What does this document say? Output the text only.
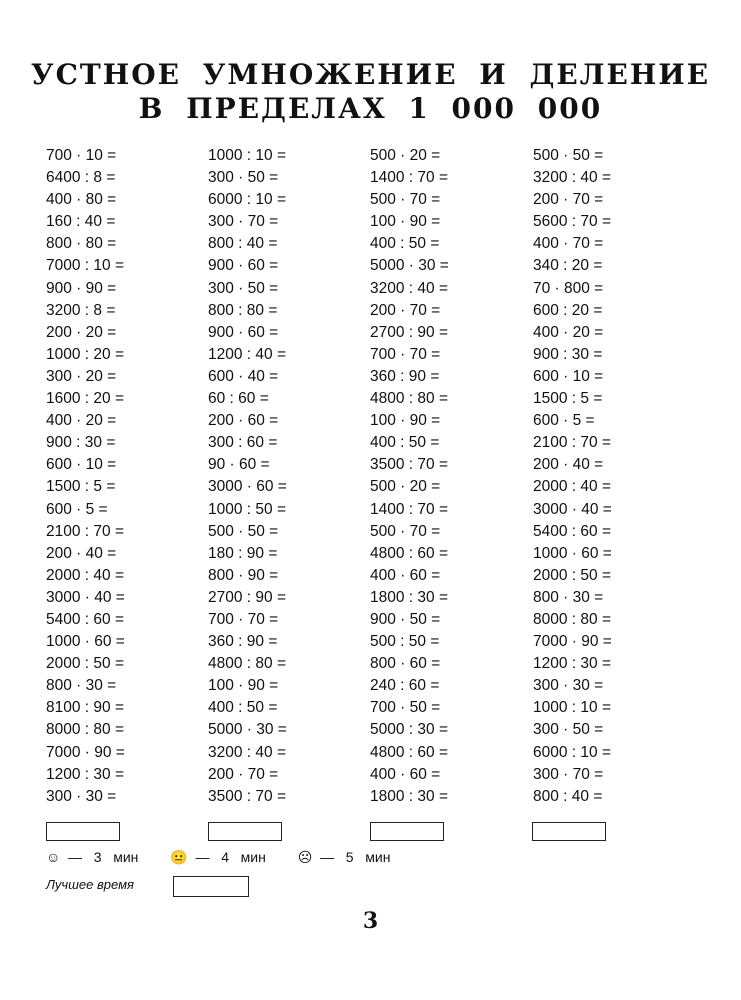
УСТНОЕ УМНОЖЕНИЕ И ДЕЛЕНИЕ
В ПРЕДЕЛАХ 1 000 000
700 · 10 =
6400 : 8 =
400 · 80 =
160 : 40 =
800 · 80 =
7000 : 10 =
900 · 90 =
3200 : 8 =
200 · 20 =
1000 : 20 =
300 · 20 =
1600 : 20 =
400 · 20 =
900 : 30 =
600 · 10 =
1500 : 5 =
600 · 5 =
2100 : 70 =
200 · 40 =
2000 : 40 =
3000 · 40 =
5400 : 60 =
1000 · 60 =
2000 : 50 =
800 · 30 =
8100 : 90 =
8000 : 80 =
7000 · 90 =
1200 : 30 =
300 · 30 =
1000 : 10 =
300 · 50 =
6000 : 10 =
300 · 70 =
800 : 40 =
900 · 60 =
300 · 50 =
800 : 80 =
900 · 60 =
1200 : 40 =
600 · 40 =
60 : 60 =
200 · 60 =
300 : 60 =
90 · 60 =
3000 · 60 =
1000 : 50 =
500 · 50 =
180 : 90 =
800 · 90 =
2700 : 90 =
700 · 70 =
360 : 90 =
4800 : 80 =
100 · 90 =
400 : 50 =
5000 · 30 =
3200 : 40 =
200 · 70 =
3500 : 70 =
500 · 20 =
1400 : 70 =
500 · 70 =
100 · 90 =
400 : 50 =
5000 · 30 =
3200 : 40 =
200 · 70 =
2700 : 90 =
700 · 70 =
360 : 90 =
4800 : 80 =
100 · 90 =
400 : 50 =
3500 : 70 =
500 · 20 =
1400 : 70 =
500 · 70 =
4800 : 60 =
400 · 60 =
1800 : 30 =
900 · 50 =
500 : 50 =
800 · 60 =
240 : 60 =
700 · 50 =
5000 : 30 =
4800 : 60 =
400 · 60 =
1800 : 30 =
500 · 50 =
3200 : 40 =
200 · 70 =
5600 : 70 =
400 · 70 =
340 : 20 =
70 · 800 =
600 : 20 =
400 · 20 =
900 : 30 =
600 · 10 =
1500 : 5 =
600 · 5 =
2100 : 70 =
200 · 40 =
2000 : 40 =
3000 · 40 =
5400 : 60 =
1000 · 60 =
2000 : 50 =
800 · 30 =
8000 : 80 =
7000 · 90 =
1200 : 30 =
300 · 30 =
1000 : 10 =
300 · 50 =
6000 : 10 =
300 · 70 =
800 : 40 =
☺ — 3 мин 😐 — 4 мин ☹ — 5 мин
Лучшее время
3
